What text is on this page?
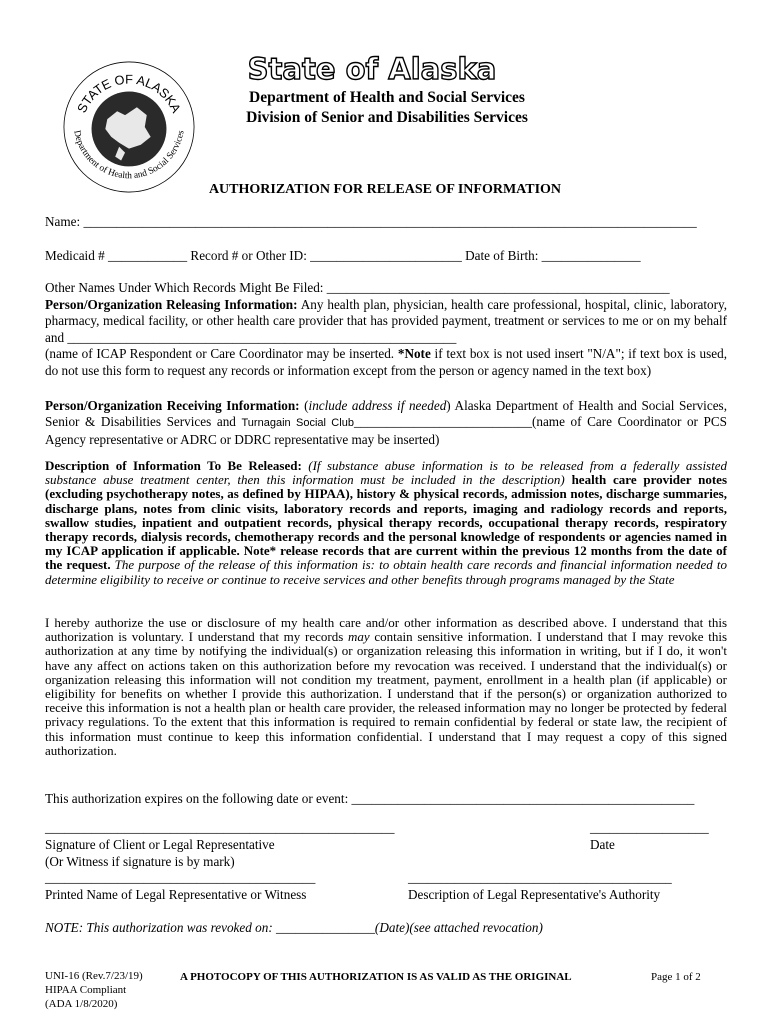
STATE OF ALASKA
Department of Health and Social Services
State of Alaska
Department of Health and Social Services
Division of Senior and Disabilities Services
AUTHORIZATION FOR RELEASE OF INFORMATION
Name: _____________________________________________________________________________________________
Medicaid # ____________ Record # or Other ID: _______________________ Date of Birth: _______________
Other Names Under Which Records Might Be Filed: ____________________________________________________
Person/Organization Releasing Information: Any health plan, physician, health care professional, hospital, clinic, laboratory, pharmacy, medical facility, or other health care provider that has provided payment, treatment or services to me or on my behalf and ___________________________________________________________
(name of ICAP Respondent or Care Coordinator may be inserted. *Note if text box is not used insert "N/A"; if text box is used, do not use this form to request any records or information except from the person or agency named in the text box)
Person/Organization Receiving Information: (include address if needed) Alaska Department of Health and Social Services, Senior & Disabilities Services and Turnagain Social Club___________________________(name of Care Coordinator or PCS Agency representative or ADRC or DDRC representative may be inserted)
Description of Information To Be Released: (If substance abuse information is to be released from a federally assisted substance abuse treatment center, then this information must be included in the description) health care provider notes (excluding psychotherapy notes, as defined by HIPAA), history & physical records, admission notes, discharge summaries, discharge plans, notes from clinic visits, laboratory records and reports, imaging and radiology records and reports, swallow studies, inpatient and outpatient records, physical therapy records, occupational therapy records, respiratory therapy records, dialysis records, chemotherapy records and the personal knowledge of respondents or agencies named in my ICAP application if applicable. Note* release records that are current within the previous 12 months from the date of the request. The purpose of the release of this information is: to obtain health care records and financial information needed to determine eligibility to receive or continue to receive services and other benefits through programs managed by the State
I hereby authorize the use or disclosure of my health care and/or other information as described above. I understand that this authorization is voluntary. I understand that my records may contain sensitive information. I understand that I may revoke this authorization at any time by notifying the individual(s) or organization releasing this information in writing, but if I do, it won't have any affect on actions taken on this authorization before my revocation was received. I understand that the individual(s) or organization releasing this information will not condition my treatment, payment, enrollment in a health plan (if applicable) or eligibility for benefits on whether I provide this authorization. I understand that if the person(s) or organization authorized to receive this information is not a health plan or health care provider, the released information may no longer be protected by federal privacy regulations. To the extent that this information is required to remain confidential by federal or state law, the recipient of this information must continue to keep this information confidential. I understand that I may request a copy of this signed authorization.
This authorization expires on the following date or event: ____________________________________________________
_____________________________________________________	__________________
Signature of Client or Legal Representative	Date
(Or Witness if signature is by mark)
_________________________________________	________________________________________
Printed Name of Legal Representative or Witness	Description of Legal Representative's Authority
NOTE: This authorization was revoked on: _______________(Date)(see attached revocation)
UNI-16 (Rev.7/23/19)
HIPAA Compliant
(ADA 1/8/2020)
A PHOTOCOPY OF THIS AUTHORIZATION IS AS VALID AS THE ORIGINAL	Page 1 of 2
